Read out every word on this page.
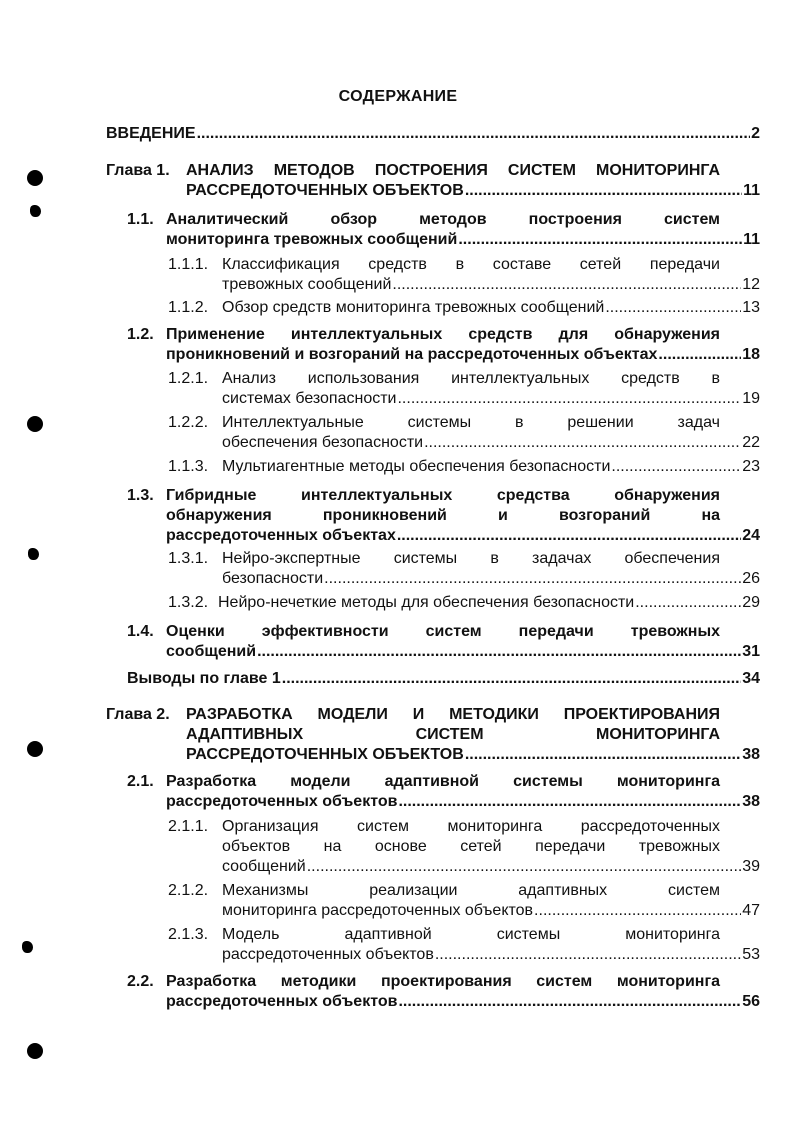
СОДЕРЖАНИЕ
ВВЕДЕНИЕ .....	2
Глава 1. АНАЛИЗ МЕТОДОВ ПОСТРОЕНИЯ СИСТЕМ МОНИТОРИНГА
РАССРЕДОТОЧЕННЫХ ОБЪЕКТОВ .....	11
1.1. Аналитический обзор методов построения систем
мониторинга тревожных сообщений .....	11
1.1.1. Классификация средств в составе сетей передачи
тревожных сообщений .....	12
1.1.2. Обзор средств мониторинга тревожных сообщений .....	13
1.2. Применение интеллектуальных средств для обнаружения
проникновений и возгораний на рассредоточенных объектах .....	18
1.2.1. Анализ использования интеллектуальных средств в
системах безопасности .....	19
1.2.2. Интеллектуальные системы в решении задач
обеспечения безопасности .....	22
1.1.3. Мультиагентные методы обеспечения безопасности .....	23
1.3. Гибридные интеллектуальных средства обнаружения
обнаружения проникновений и возгораний на
рассредоточенных объектах .....	24
1.3.1. Нейро-экспертные системы в задачах обеспечения
безопасности .....	26
1.3.2. Нейро-нечеткие методы для обеспечения безопасности .....	29
1.4. Оценки эффективности систем передачи тревожных
сообщений .....	31
Выводы по главе 1 .....	34
Глава 2. РАЗРАБОТКА МОДЕЛИ И МЕТОДИКИ ПРОЕКТИРОВАНИЯ
АДАПТИВНЫХ СИСТЕМ МОНИТОРИНГА
РАССРЕДОТОЧЕННЫХ ОБЪЕКТОВ .....	38
2.1. Разработка модели адаптивной системы мониторинга
рассредоточенных объектов .....	38
2.1.1. Организация систем мониторинга рассредоточенных
объектов на основе сетей передачи тревожных
сообщений .....	39
2.1.2. Механизмы реализации адаптивных систем
мониторинга рассредоточенных объектов .....	47
2.1.3. Модель адаптивной системы мониторинга
рассредоточенных объектов .....	53
2.2. Разработка методики проектирования систем мониторинга
рассредоточенных объектов .....	56
